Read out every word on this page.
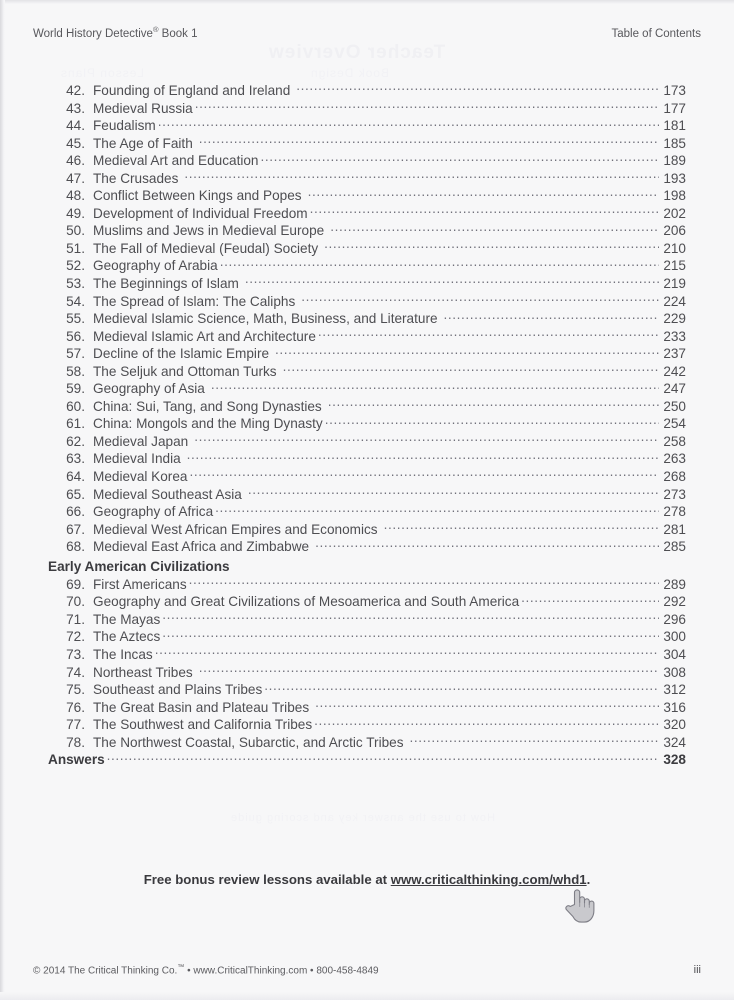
Teacher Overview
Lesson Plans	Book Design
How to use the answer key and scoring guide
World History Detective® Book 1	Table of Contents
42. Founding of England and Ireland .....	173
43. Medieval Russia .....	177
44. Feudalism .....	181
45. The Age of Faith .....	185
46. Medieval Art and Education .....	189
47. The Crusades .....	193
48. Conflict Between Kings and Popes .....	198
49. Development of Individual Freedom .....	202
50. Muslims and Jews in Medieval Europe .....	206
51. The Fall of Medieval (Feudal) Society .....	210
52. Geography of Arabia .....	215
53. The Beginnings of Islam .....	219
54. The Spread of Islam: The Caliphs .....	224
55. Medieval Islamic Science, Math, Business, and Literature .....	229
56. Medieval Islamic Art and Architecture .....	233
57. Decline of the Islamic Empire .....	237
58. The Seljuk and Ottoman Turks .....	242
59. Geography of Asia .....	247
60. China: Sui, Tang, and Song Dynasties .....	250
61. China: Mongols and the Ming Dynasty .....	254
62. Medieval Japan .....	258
63. Medieval India .....	263
64. Medieval Korea .....	268
65. Medieval Southeast Asia .....	273
66. Geography of Africa .....	278
67. Medieval West African Empires and Economics .....	281
68. Medieval East Africa and Zimbabwe .....	285
Early American Civilizations
69. First Americans .....	289
70. Geography and Great Civilizations of Mesoamerica and South America .....	292
71. The Mayas .....	296
72. The Aztecs .....	300
73. The Incas .....	304
74. Northeast Tribes .....	308
75. Southeast and Plains Tribes .....	312
76. The Great Basin and Plateau Tribes .....	316
77. The Southwest and California Tribes .....	320
78. The Northwest Coastal, Subarctic, and Arctic Tribes .....	324
Answers .....	328
Free bonus review lessons available at www.criticalthinking.com/whd1.
© 2014 The Critical Thinking Co.™ • www.CriticalThinking.com • 800-458-4849	iii
